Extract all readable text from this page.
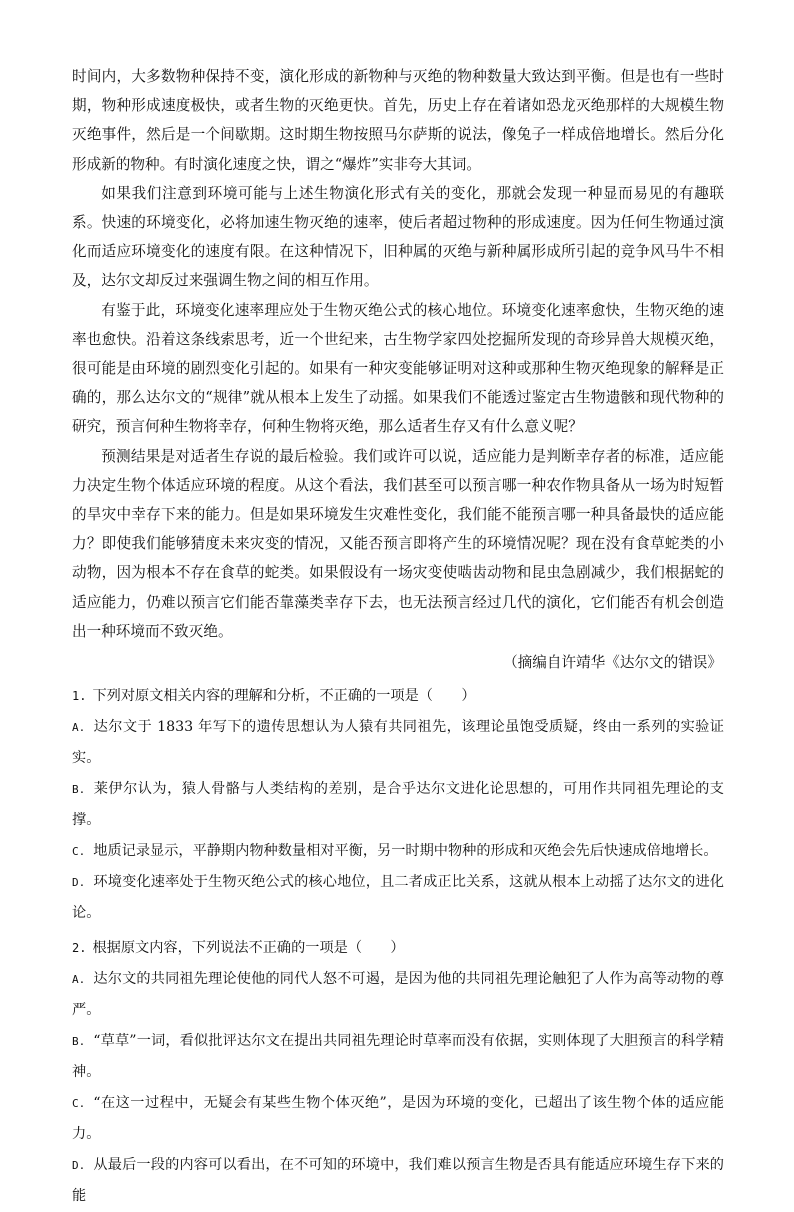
时间内，大多数物种保持不变，演化形成的新物种与灭绝的物种数量大致达到平衡。但是也有一些时期，物种形成速度极快，或者生物的灭绝更快。首先，历史上存在着诸如恐龙灭绝那样的大规模生物灭绝事件，然后是一个间歇期。这时期生物按照马尔萨斯的说法，像兔子一样成倍地增长。然后分化形成新的物种。有时演化速度之快，谓之“爆炸”实非夸大其词。

如果我们注意到环境可能与上述生物演化形式有关的变化，那就会发现一种显而易见的有趣联系。快速的环境变化，必将加速生物灭绝的速率，使后者超过物种的形成速度。因为任何生物通过演化而适应环境变化的速度有限。在这种情况下，旧种属的灭绝与新种属形成所引起的竞争风马牛不相及，达尔文却反过来强调生物之间的相互作用。

有鉴于此，环境变化速率理应处于生物灭绝公式的核心地位。环境变化速率愈快，生物灭绝的速率也愈快。沿着这条线索思考，近一个世纪来，古生物学家四处挖掘所发现的奇珍异兽大规模灭绝，很可能是由环境的剧烈变化引起的。如果有一种灾变能够证明对这种或那种生物灭绝现象的解释是正确的，那么达尔文的“规律”就从根本上发生了动摇。如果我们不能透过鉴定古生物遗骸和现代物种的研究，预言何种生物将幸存，何种生物将灭绝，那么适者生存又有什么意义呢？

预测结果是对适者生存说的最后检验。我们或许可以说，适应能力是判断幸存者的标准，适应能力决定生物个体适应环境的程度。从这个看法，我们甚至可以预言哪一种农作物具备从一场为时短暂的旱灾中幸存下来的能力。但是如果环境发生灾难性变化，我们能不能预言哪一种具备最快的适应能力？即使我们能够猜度未来灾变的情况，又能否预言即将产生的环境情况呢？现在没有食草蛇类的小动物，因为根本不存在食草的蛇类。如果假设有一场灾变使啮齿动物和昆虫急剧减少，我们根据蛇的适应能力，仍难以预言它们能否靠藻类幸存下去，也无法预言经过几代的演化，它们能否有机会创造出一种环境而不致灭绝。

（摘编自许靖华《达尔文的错误》

1. 下列对原文相关内容的理解和分析，不正确的一项是（　　）

A. 达尔文于 1833 年写下的遗传思想认为人猿有共同祖先，该理论虽饱受质疑，终由一系列的实验证实。

B. 莱伊尔认为，猿人骨骼与人类结构的差别，是合乎达尔文进化论思想的，可用作共同祖先理论的支撑。

C. 地质记录显示，平静期内物种数量相对平衡，另一时期中物种的形成和灭绝会先后快速成倍地增长。

D. 环境变化速率处于生物灭绝公式的核心地位，且二者成正比关系，这就从根本上动摇了达尔文的进化论。

2. 根据原文内容，下列说法不正确的一项是（　　）

A. 达尔文的共同祖先理论使他的同代人怒不可遏，是因为他的共同祖先理论触犯了人作为高等动物的尊严。

B. “草草”一词，看似批评达尔文在提出共同祖先理论时草率而没有依据，实则体现了大胆预言的科学精神。

C. “在这一过程中，无疑会有某些生物个体灭绝”，是因为环境的变化，已超出了该生物个体的适应能力。

D. 从最后一段的内容可以看出，在不可知的环境中，我们难以预言生物是否具有能适应环境生存下来的能
